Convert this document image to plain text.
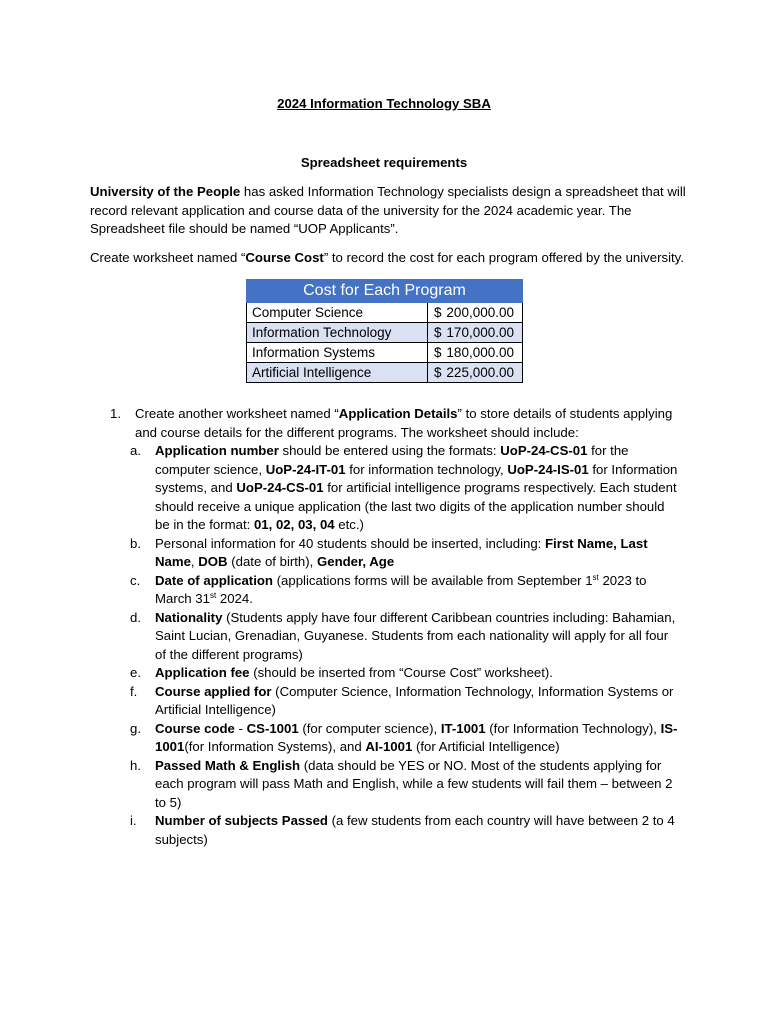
2024 Information Technology SBA
Spreadsheet requirements

University of the People has asked Information Technology specialists design a spreadsheet that will record relevant application and course data of the university for the 2024 academic year. The Spreadsheet file should be named “UOP Applicants”.

Create worksheet named “Course Cost” to record the cost for each program offered by the university.

Cost for Each Program	
Computer Science	$ 200,000.00

Information Technology	$ 170,000.00

Information Systems	$ 180,000.00

Artificial Intelligence	$ 225,000.00
1. Create another worksheet named “Application Details” to store details of students applying and course details for the different programs. The worksheet should include:
a. Application number should be entered using the formats: UoP-24-CS-01 for the computer science, UoP-24-IT-01 for information technology, UoP-24-IS-01 for Information systems, and UoP-24-CS-01 for artificial intelligence programs respectively. Each student should receive a unique application (the last two digits of the application number should be in the format: 01, 02, 03, 04 etc.)
b. Personal information for 40 students should be inserted, including: First Name, Last Name, DOB (date of birth), Gender, Age
c. Date of application (applications forms will be available from September 1st 2023 to March 31st 2024.
d. Nationality (Students apply have four different Caribbean countries including: Bahamian, Saint Lucian, Grenadian, Guyanese. Students from each nationality will apply for all four of the different programs)
e. Application fee (should be inserted from “Course Cost” worksheet).
f. Course applied for (Computer Science, Information Technology, Information Systems or Artificial Intelligence)
g. Course code - CS-1001 (for computer science), IT-1001 (for Information Technology), IS-1001(for Information Systems), and AI-1001 (for Artificial Intelligence)
h. Passed Math & English (data should be YES or NO. Most of the students applying for each program will pass Math and English, while a few students will fail them – between 2 to 5)
i. Number of subjects Passed (a few students from each country will have between 2 to 4 subjects)
